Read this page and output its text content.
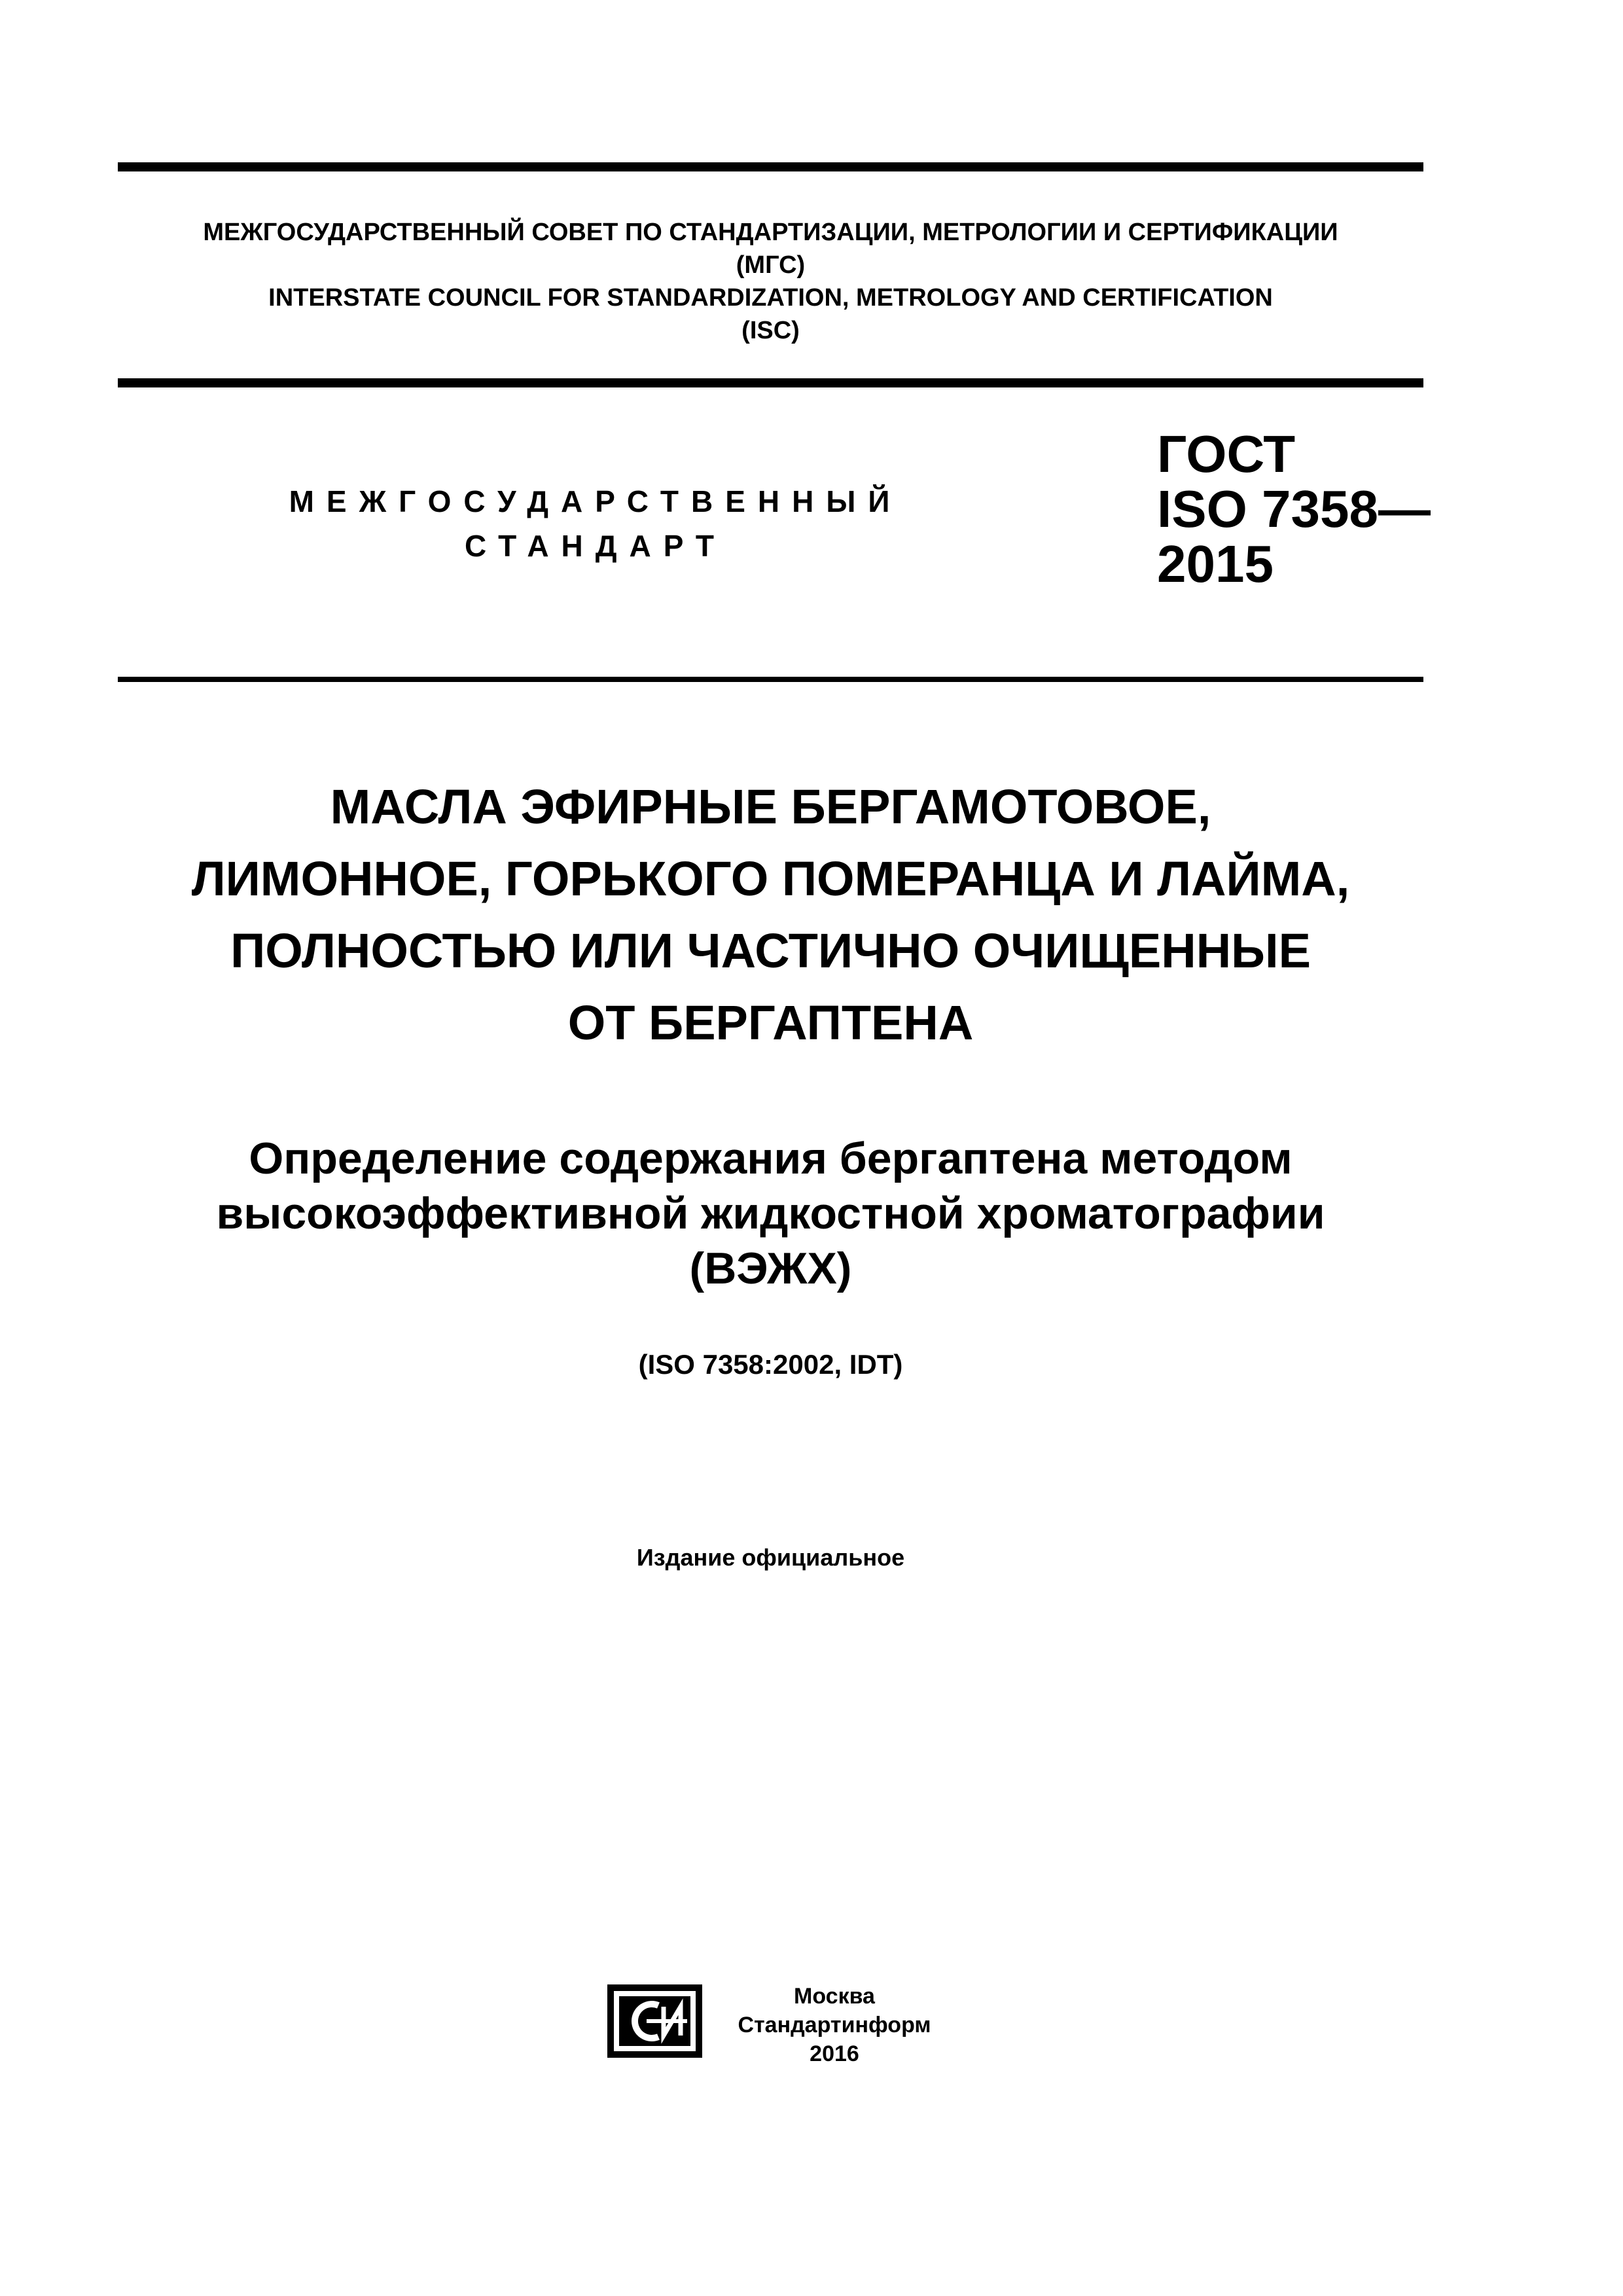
МЕЖГОСУДАРСТВЕННЫЙ СОВЕТ ПО СТАНДАРТИЗАЦИИ, МЕТРОЛОГИИ И СЕРТИФИКАЦИИ
(МГС)
INTERSTATE COUNCIL FOR STANDARDIZATION, METROLOGY AND CERTIFICATION
(ISC)
МЕЖГОСУДАРСТВЕННЫЙ
СТАНДАРТ
ГОСТ
ISO 7358—
2015
МАСЛА ЭФИРНЫЕ БЕРГАМОТОВОЕ,
ЛИМОННОЕ, ГОРЬКОГО ПОМЕРАНЦА И ЛАЙМА,
ПОЛНОСТЬЮ ИЛИ ЧАСТИЧНО ОЧИЩЕННЫЕ
ОТ БЕРГАПТЕНА
Определение содержания бергаптена методом
высокоэффективной жидкостной хроматографии
(ВЭЖХ)
(ISO 7358:2002, IDT)
Издание официальное
Москва
Стандартинформ
2016
